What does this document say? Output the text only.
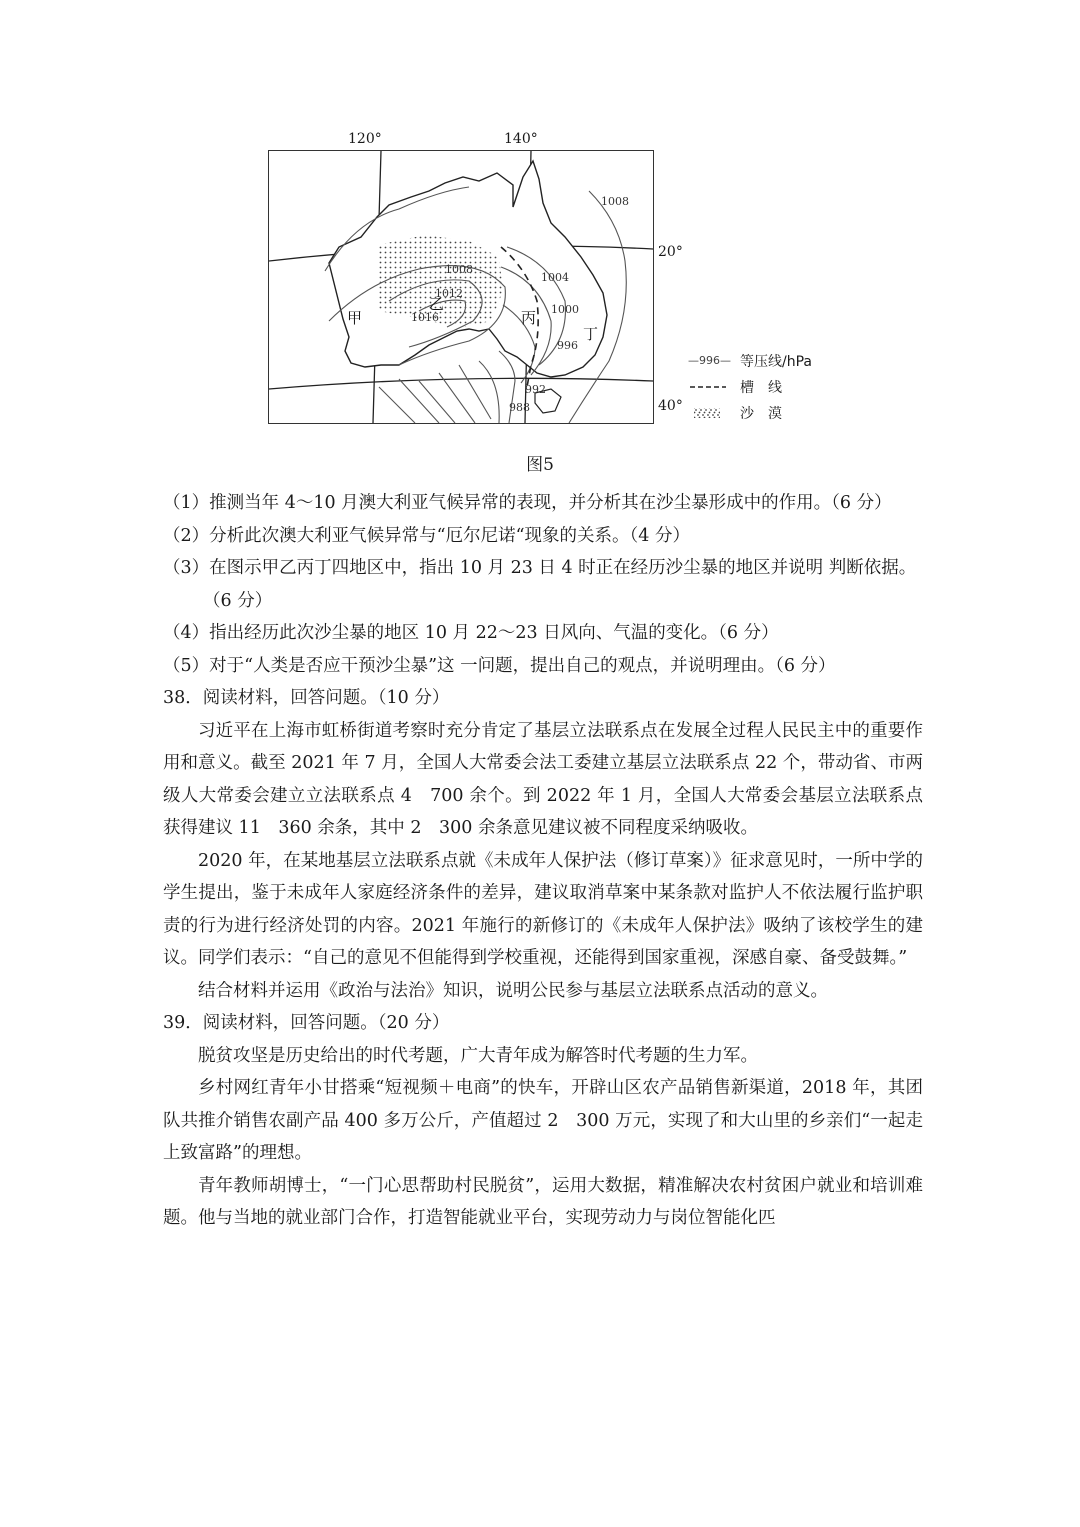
120°	140°
1008
1008
1012
1016
1004
1000
996
992
988
甲
乙
丙
丁
20°
40°
—996— 等压线/hPa
槽　线
沙　漠
图5

（1）推测当年 4～10 月澳大利亚气候异常的表现，并分析其在沙尘暴形成中的作用。（6 分）

（2）分析此次澳大利亚气候异常与“厄尔尼诺“现象的关系。（4 分）

（3）在图示甲乙丙丁四地区中，指出 10 月 23 日 4 时正在经历沙尘暴的地区并说明 判断依据。（6 分）

（4）指出经历此次沙尘暴的地区 10 月 22～23 日风向、气温的变化。（6 分）

（5）对于“人类是否应干预沙尘暴”这 一问题，提出自己的观点，并说明理由。（6 分）

38．阅读材料，回答问题。（10 分）

习近平在上海市虹桥街道考察时充分肯定了基层立法联系点在发展全过程人民民主中的重要作用和意义。截至 2021 年 7 月，全国人大常委会法工委建立基层立法联系点 22 个，带动省、市两级人大常委会建立立法联系点 4　700 余个。到 2022 年 1 月，全国人大常委会基层立法联系点获得建议 11　360 余条，其中 2　300 余条意见建议被不同程度采纳吸收。

2020 年，在某地基层立法联系点就《未成年人保护法（修订草案）》征求意见时，一所中学的学生提出，鉴于未成年人家庭经济条件的差异，建议取消草案中某条款对监护人不依法履行监护职责的行为进行经济处罚的内容。2021 年施行的新修订的《未成年人保护法》吸纳了该校学生的建议。同学们表示：“自己的意见不但能得到学校重视，还能得到国家重视，深感自豪、备受鼓舞。”

结合材料并运用《政治与法治》知识，说明公民参与基层立法联系点活动的意义。

39．阅读材料，回答问题。（20 分）

脱贫攻坚是历史给出的时代考题，广大青年成为解答时代考题的生力军。

乡村网红青年小甘搭乘“短视频＋电商”的快车，开辟山区农产品销售新渠道，2018 年，其团队共推介销售农副产品 400 多万公斤，产值超过 2　300 万元，实现了和大山里的乡亲们“一起走上致富路”的理想。

青年教师胡博士，“一门心思帮助村民脱贫”，运用大数据，精准解决农村贫困户就业和培训难题。他与当地的就业部门合作，打造智能就业平台，实现劳动力与岗位智能化匹
